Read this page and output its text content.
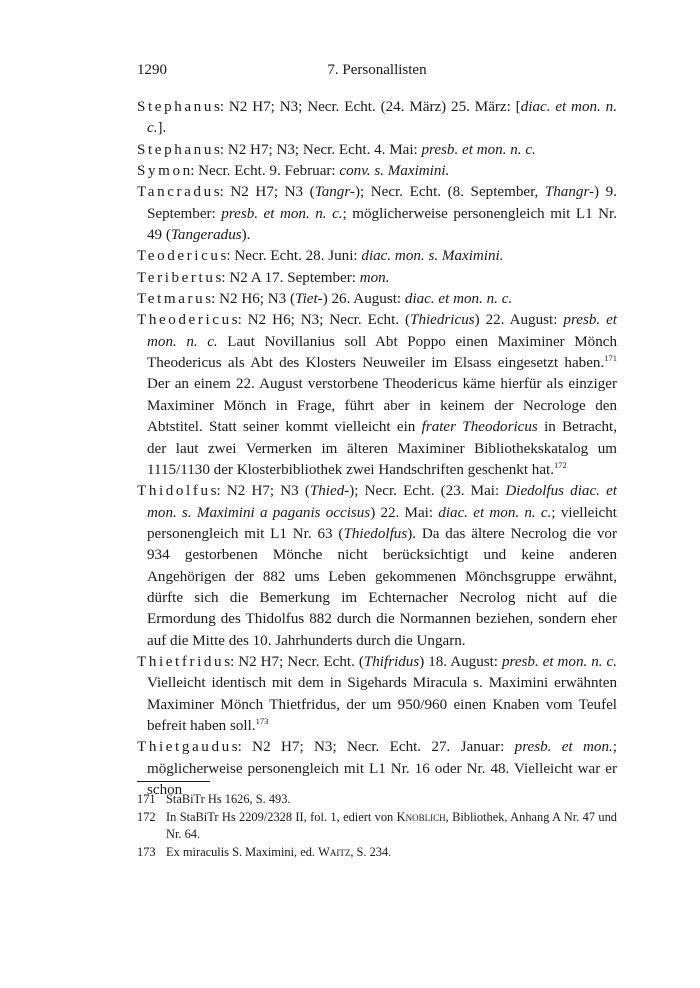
1290	7. Personallisten

Stephanus: N2 H7; N3; Necr. Echt. (24. März) 25. März: [diac. et mon. n. c.].

Stephanus: N2 H7; N3; Necr. Echt. 4. Mai: presb. et mon. n. c.

Symon: Necr. Echt. 9. Februar: conv. s. Maximini.

Tancradus: N2 H7; N3 (Tangr-); Necr. Echt. (8. September, Thangr-) 9. September: presb. et mon. n. c.; möglicherweise personengleich mit L1 Nr. 49 (Tangeradus).

Teodericus: Necr. Echt. 28. Juni: diac. mon. s. Maximini.

Teribertus: N2 A 17. September: mon.

Tetmarus: N2 H6; N3 (Tiet-) 26. August: diac. et mon. n. c.

Theodericus: N2 H6; N3; Necr. Echt. (Thiedricus) 22. August: presb. et mon. n. c. Laut Novillanius soll Abt Poppo einen Maximiner Mönch Theodericus als Abt des Klosters Neuweiler im Elsass eingesetzt haben.$^{171}$ Der an einem 22. August verstorbene Theodericus käme hierfür als einziger Maximiner Mönch in Frage, führt aber in keinem der Necrologe den Abtstitel. Statt seiner kommt vielleicht ein frater Theodoricus in Betracht, der laut zwei Vermerken im älteren Maximiner Bibliothekskatalog um 1115/1130 der Klosterbibliothek zwei Handschriften geschenkt hat.$^{172}$

Thidolfus: N2 H7; N3 (Thied-); Necr. Echt. (23. Mai: Diedolfus diac. et mon. s. Maximini a paganis occisus) 22. Mai: diac. et mon. n. c.; vielleicht personengleich mit L1 Nr. 63 (Thiedolfus). Da das ältere Necrolog die vor 934 gestorbenen Mönche nicht berücksichtigt und keine anderen Angehörigen der 882 ums Leben gekommenen Mönchsgruppe erwähnt, dürfte sich die Bemerkung im Echternacher Necrolog nicht auf die Ermordung des Thidolfus 882 durch die Normannen beziehen, sondern eher auf die Mitte des 10. Jahrhunderts durch die Ungarn.

Thietfridus: N2 H7; Necr. Echt. (Thifridus) 18. August: presb. et mon. n. c. Vielleicht identisch mit dem in Sigehards Miracula s. Maximini erwähnten Maximiner Mönch Thietfridus, der um 950/960 einen Knaben vom Teufel befreit haben soll.$^{173}$

Thietgaudus: N2 H7; N3; Necr. Echt. 27. Januar: presb. et mon.; möglicherweise personengleich mit L1 Nr. 16 oder Nr. 48. Vielleicht war er schon

171 StaBiTr Hs 1626, S. 493.
172 In StaBiTr Hs 2209/2328 II, fol. 1, ediert von Knoblich, Bibliothek, Anhang A Nr. 47 und Nr. 64.
173 Ex miraculis S. Maximini, ed. Waitz, S. 234.
